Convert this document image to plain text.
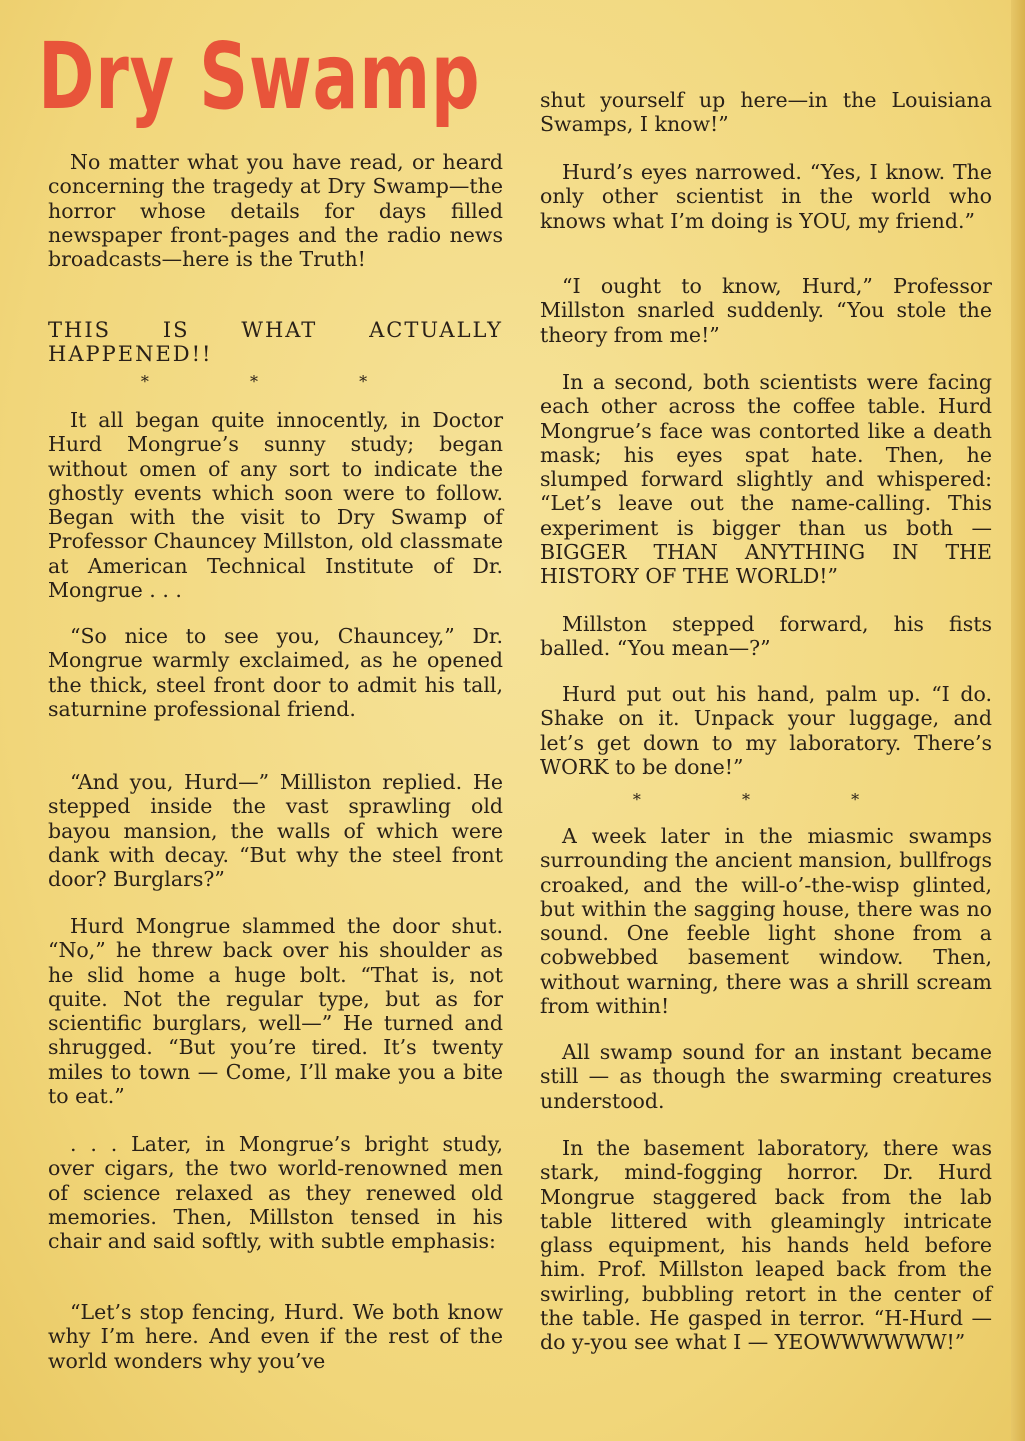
Dry Swamp

No matter what you have read, or heard concerning the tragedy at Dry Swamp—the horror whose details for days filled newspaper front-pages and the radio news broadcasts—here is the Truth!

THIS IS WHAT ACTUALLY HAPPENED!!

* * *

It all began quite innocently, in Doctor Hurd Mongrue’s sunny study; began without omen of any sort to indicate the ghostly events which soon were to follow. Began with the visit to Dry Swamp of Professor Chauncey Millston, old classmate at American Technical Institute of Dr. Mongrue . . .

“So nice to see you, Chauncey,” Dr. Mongrue warmly exclaimed, as he opened the thick, steel front door to admit his tall, saturnine professional friend.

“And you, Hurd—” Milliston replied. He stepped inside the vast sprawling old bayou mansion, the walls of which were dank with decay. “But why the steel front door? Burglars?”

Hurd Mongrue slammed the door shut. “No,” he threw back over his shoulder as he slid home a huge bolt. “That is, not quite. Not the regular type, but as for scientific burglars, well—” He turned and shrugged. “But you’re tired. It’s twenty miles to town — Come, I’ll make you a bite to eat.”

. . . Later, in Mongrue’s bright study, over cigars, the two world-renowned men of science relaxed as they renewed old memories. Then, Millston tensed in his chair and said softly, with subtle emphasis:

“Let’s stop fencing, Hurd. We both know why I’m here. And even if the rest of the world wonders why you’ve

shut yourself up here—in the Louisiana Swamps, I know!”

Hurd’s eyes narrowed. “Yes, I know. The only other scientist in the world who knows what I’m doing is YOU, my friend.”

“I ought to know, Hurd,” Professor Millston snarled suddenly. “You stole the theory from me!”

In a second, both scientists were facing each other across the coffee table. Hurd Mongrue’s face was contorted like a death mask; his eyes spat hate. Then, he slumped forward slightly and whispered: “Let’s leave out the name-calling. This experiment is bigger than us both — BIGGER THAN ANYTHING IN THE HISTORY OF THE WORLD!”

Millston stepped forward, his fists balled. “You mean—?”

Hurd put out his hand, palm up. “I do. Shake on it. Unpack your luggage, and let’s get down to my laboratory. There’s WORK to be done!”

* * *

A week later in the miasmic swamps surrounding the ancient mansion, bullfrogs croaked, and the will-o’-the-wisp glinted, but within the sagging house, there was no sound. One feeble light shone from a cobwebbed basement window. Then, without warning, there was a shrill scream from within!

All swamp sound for an instant became still — as though the swarming creatures understood.

In the basement laboratory, there was stark, mind-fogging horror. Dr. Hurd Mongrue staggered back from the lab table littered with gleamingly intricate glass equipment, his hands held before him. Prof. Millston leaped back from the swirling, bubbling retort in the center of the table. He gasped in terror. “H-Hurd — do y-you see what I — YEOWWWWWW!”
